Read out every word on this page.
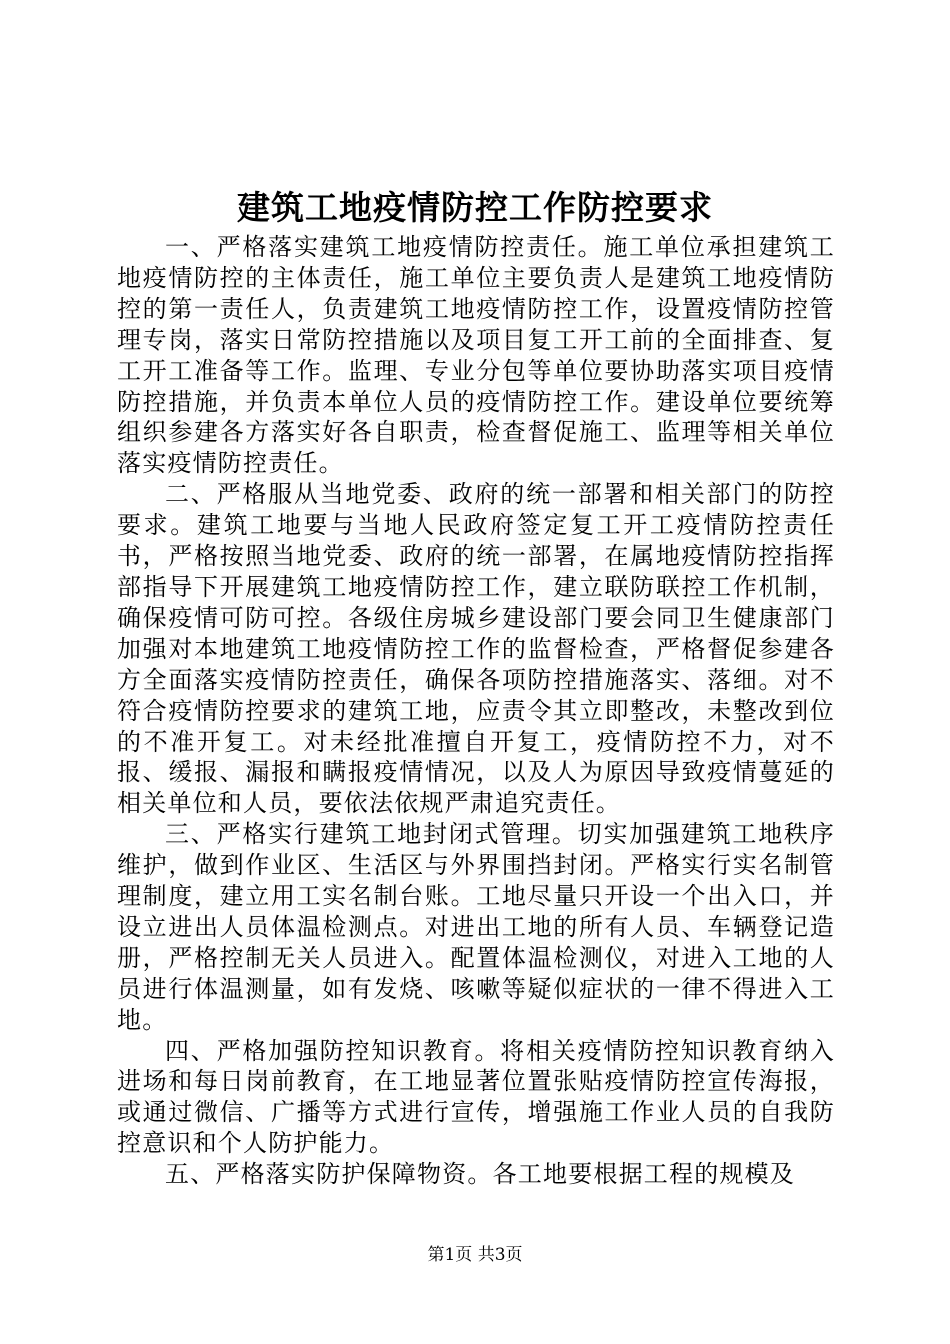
建筑工地疫情防控工作防控要求

一、严格落实建筑工地疫情防控责任。施工单位承担建筑工地疫情防控的主体责任，施工单位主要负责人是建筑工地疫情防控的第一责任人，负责建筑工地疫情防控工作，设置疫情防控管理专岗，落实日常防控措施以及项目复工开工前的全面排查、复工开工准备等工作。监理、专业分包等单位要协助落实项目疫情防控措施，并负责本单位人员的疫情防控工作。建设单位要统筹组织参建各方落实好各自职责，检查督促施工、监理等相关单位落实疫情防控责任。

二、严格服从当地党委、政府的统一部署和相关部门的防控要求。建筑工地要与当地人民政府签定复工开工疫情防控责任书，严格按照当地党委、政府的统一部署，在属地疫情防控指挥部指导下开展建筑工地疫情防控工作，建立联防联控工作机制，确保疫情可防可控。各级住房城乡建设部门要会同卫生健康部门加强对本地建筑工地疫情防控工作的监督检查，严格督促参建各方全面落实疫情防控责任，确保各项防控措施落实、落细。对不符合疫情防控要求的建筑工地，应责令其立即整改，未整改到位的不准开复工。对未经批准擅自开复工，疫情防控不力，对不报、缓报、漏报和瞒报疫情情况，以及人为原因导致疫情蔓延的相关单位和人员，要依法依规严肃追究责任。

三、严格实行建筑工地封闭式管理。切实加强建筑工地秩序维护，做到作业区、生活区与外界围挡封闭。严格实行实名制管理制度，建立用工实名制台账。工地尽量只开设一个出入口，并设立进出人员体温检测点。对进出工地的所有人员、车辆登记造册，严格控制无关人员进入。配置体温检测仪，对进入工地的人员进行体温测量，如有发烧、咳嗽等疑似症状的一律不得进入工地。

四、严格加强防控知识教育。将相关疫情防控知识教育纳入进场和每日岗前教育，在工地显著位置张贴疫情防控宣传海报，或通过微信、广播等方式进行宣传，增强施工作业人员的自我防控意识和个人防护能力。

五、严格落实防护保障物资。各工地要根据工程的规模及

第1页 共3页
